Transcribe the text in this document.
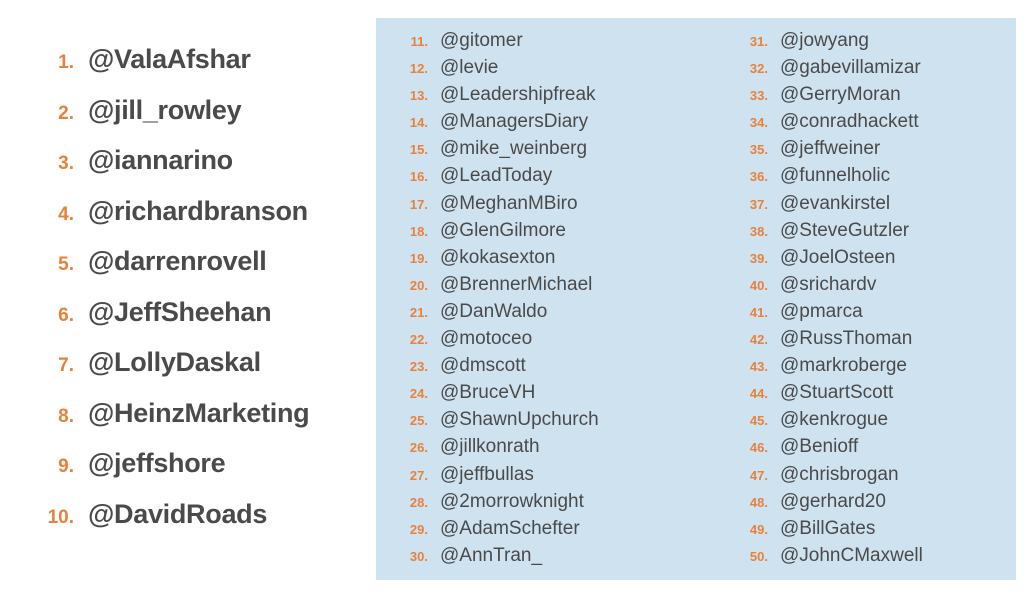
1. @ValaAfshar
2. @jill_rowley
3. @iannarino
4. @richardbranson
5. @darrenrovell
6. @JeffSheehan
7. @LollyDaskal
8. @HeinzMarketing
9. @jeffshore
10. @DavidRoads
11. @gitomer
12. @levie
13. @Leadershipfreak
14. @ManagersDiary
15. @mike_weinberg
16. @LeadToday
17. @MeghanMBiro
18. @GlenGilmore
19. @kokasexton
20. @BrennerMichael
21. @DanWaldo
22. @motoceo
23. @dmscott
24. @BruceVH
25. @ShawnUpchurch
26. @jillkonrath
27. @jeffbullas
28. @2morrowknight
29. @AdamSchefter
30. @AnnTran_
31. @jowyang
32. @gabevillamizar
33. @GerryMoran
34. @conradhackett
35. @jeffweiner
36. @funnelholic
37. @evankirstel
38. @SteveGutzler
39. @JoelOsteen
40. @srichardv
41. @pmarca
42. @RussThoman
43. @markroberge
44. @StuartScott
45. @kenkrogue
46. @Benioff
47. @chrisbrogan
48. @gerhard20
49. @BillGates
50. @JohnCMaxwell
